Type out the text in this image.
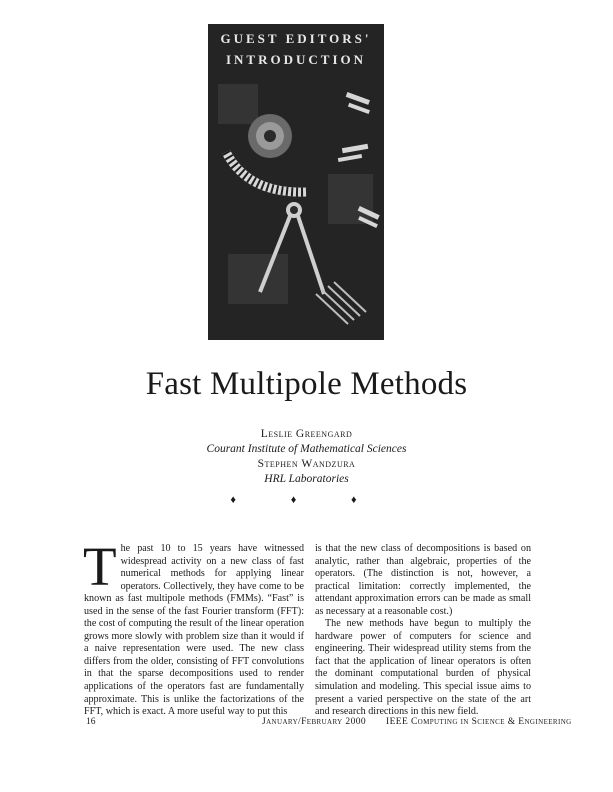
GUEST EDITORS'
INTRODUCTION
Fast Multipole Methods
Leslie Greengard
Courant Institute of Mathematical Sciences
Stephen Wandzura
HRL Laboratories
♦ ♦ ♦

T he past 10 to 15 years have witnessed widespread activity on a new class of fast numerical methods for applying linear operators. Collectively, they have come to be known as fast multipole methods (FMMs). “Fast” is used in the sense of the fast Fourier transform (FFT): the cost of computing the result of the linear operation grows more slowly with problem size than it would if a naive representation were used. The new class differs from the older, consisting of FFT convolutions in that the sparse decompositions used to render applications of the operators fast are fundamentally approximate. This is unlike the factorizations of the FFT, which is exact. A more useful way to put this

is that the new class of decompositions is based on analytic, rather than algebraic, properties of the operators. (The distinction is not, however, a practical limitation: correctly implemented, the attendant approximation errors can be made as small as necessary at a reasonable cost.)

The new methods have begun to multiply the hardware power of computers for science and engineering. Their widespread utility stems from the fact that the application of linear operators is often the dominant computational burden of physical simulation and modeling. This special issue aims to present a varied perspective on the state of the art and research directions in this new field.

16	January/February 2000 IEEE Computing in Science & Engineering
